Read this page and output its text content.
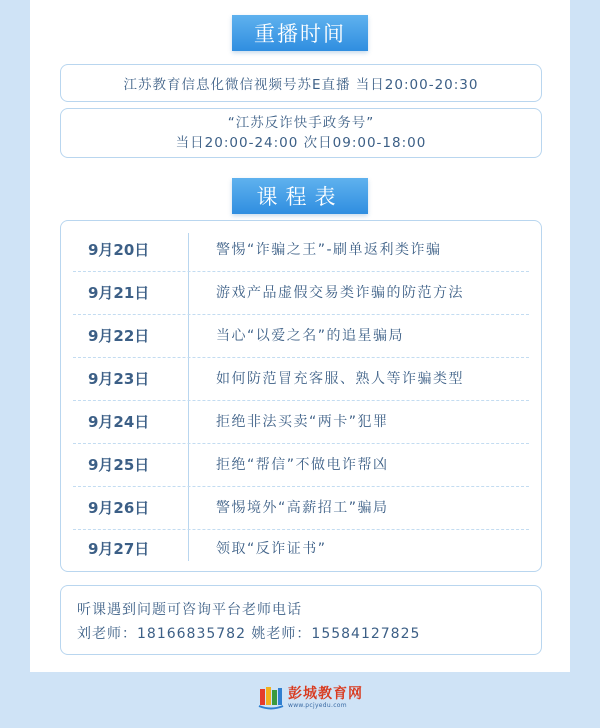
重播时间
江苏教育信息化微信视频号苏E直播 当日20:00-20:30
“江苏反诈快手政务号”
当日20:00-24:00 次日09:00-18:00
课程表
9月20日	警惕“诈骗之王”-刷单返利类诈骗
9月21日	游戏产品虚假交易类诈骗的防范方法
9月22日	当心“以爱之名”的追星骗局
9月23日	如何防范冒充客服、熟人等诈骗类型
9月24日	拒绝非法买卖“两卡”犯罪
9月25日	拒绝“帮信”不做电诈帮凶
9月26日	警惕境外“高薪招工”骗局
9月27日	领取“反诈证书”
听课遇到问题可咨询平台老师电话
刘老师：18166835782 姚老师：15584127825
彭城教育网
www.pcjyedu.com
